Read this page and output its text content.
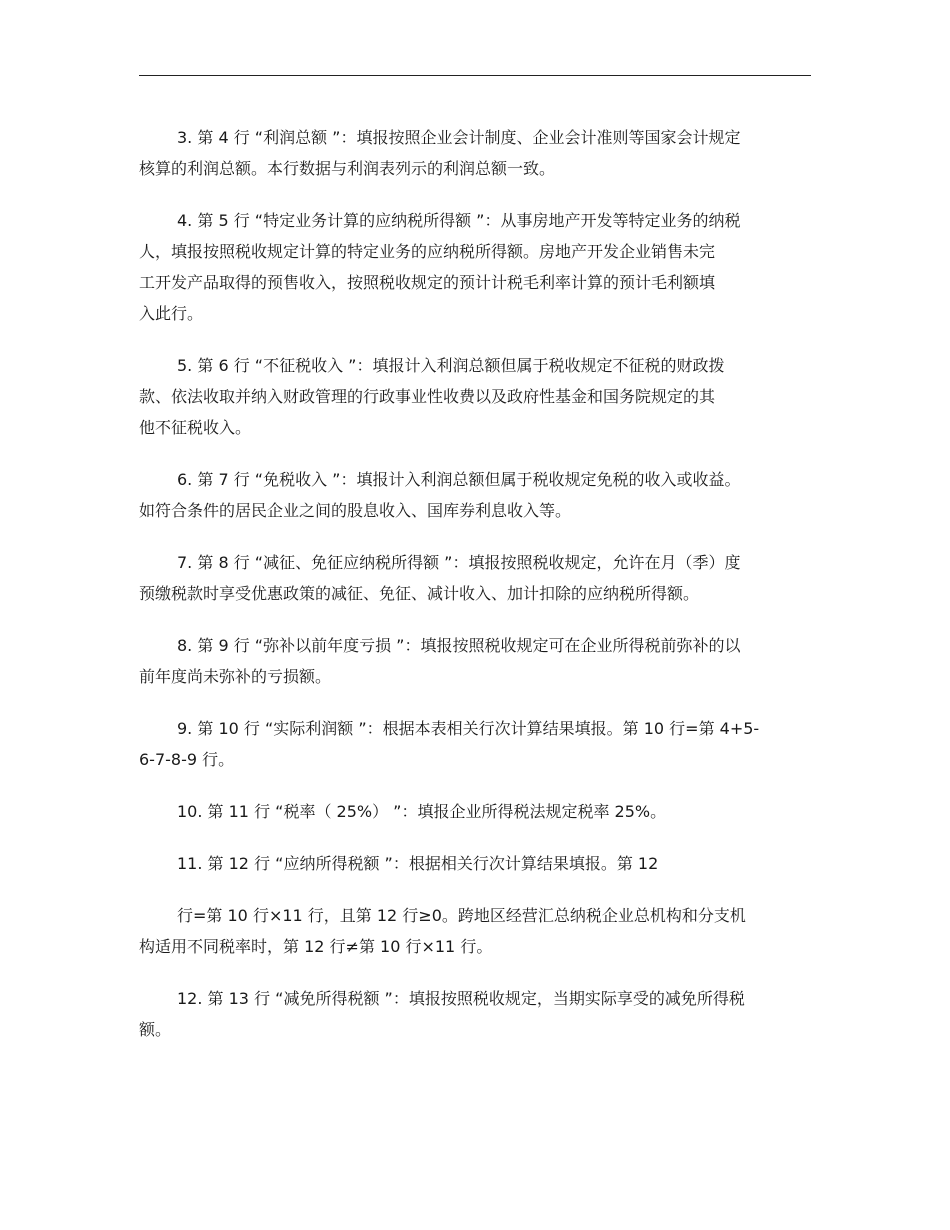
3. 第 4 行 “利润总额 ”：填报按照企业会计制度、企业会计准则等国家会计规定
核算的利润总额。本行数据与利润表列示的利润总额一致。

4. 第 5 行 “特定业务计算的应纳税所得额 ”：从事房地产开发等特定业务的纳税
人，填报按照税收规定计算的特定业务的应纳税所得额。房地产开发企业销售未完
工开发产品取得的预售收入，按照税收规定的预计计税毛利率计算的预计毛利额填
入此行。

5. 第 6 行 “不征税收入 ”：填报计入利润总额但属于税收规定不征税的财政拨
款、依法收取并纳入财政管理的行政事业性收费以及政府性基金和国务院规定的其
他不征税收入。

6. 第 7 行 “免税收入 ”：填报计入利润总额但属于税收规定免税的收入或收益。
如符合条件的居民企业之间的股息收入、国库券利息收入等。

7. 第 8 行 “减征、免征应纳税所得额 ”：填报按照税收规定，允许在月（季）度
预缴税款时享受优惠政策的减征、免征、减计收入、加计扣除的应纳税所得额。

8. 第 9 行 “弥补以前年度亏损 ”：填报按照税收规定可在企业所得税前弥补的以
前年度尚未弥补的亏损额。

9. 第 10 行 “实际利润额 ”：根据本表相关行次计算结果填报。第 10 行=第 4+5-
6-7-8-9 行。

10. 第 11 行 “税率（ 25%） ”：填报企业所得税法规定税率 25%。

11. 第 12 行 “应纳所得税额 ”：根据相关行次计算结果填报。第 12

行=第 10 行×11 行，且第 12 行≥0。跨地区经营汇总纳税企业总机构和分支机
构适用不同税率时，第 12 行≠第 10 行×11 行。

12. 第 13 行 “减免所得税额 ”：填报按照税收规定，当期实际享受的减免所得税
额。
